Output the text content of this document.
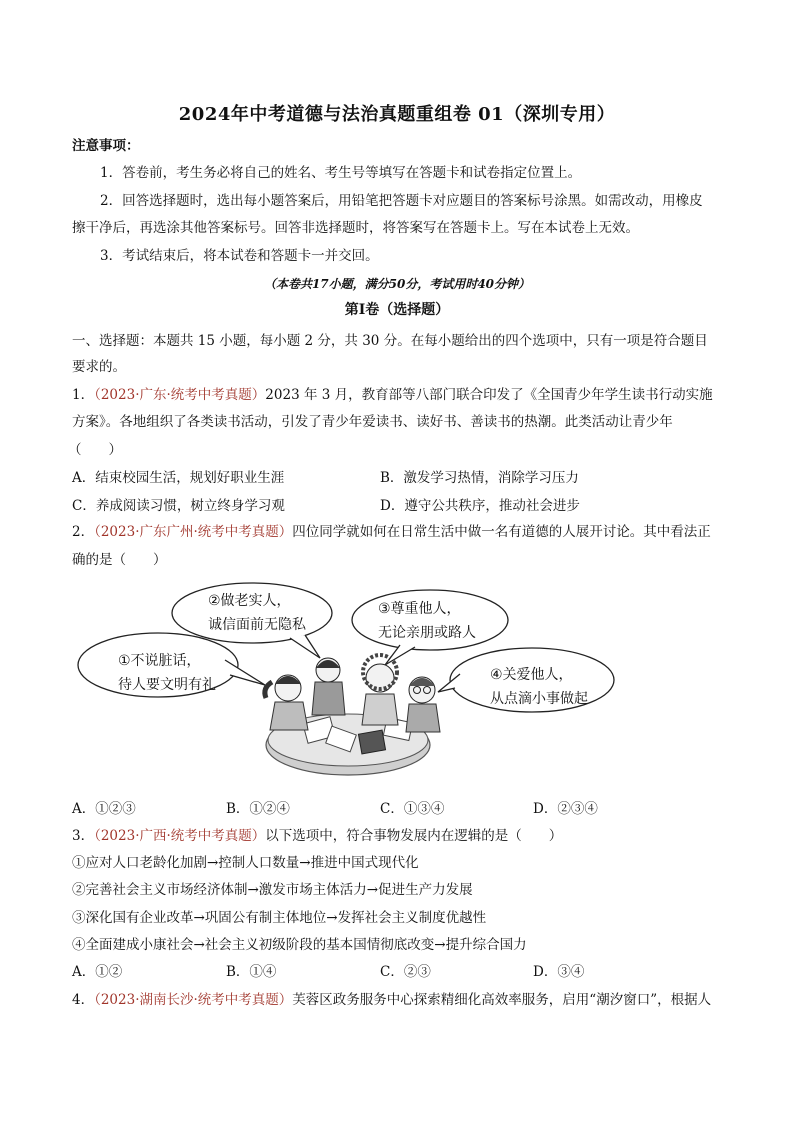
2024年中考道德与法治真题重组卷 01（深圳专用）
注意事项：
1．答卷前，考生务必将自己的姓名、考生号等填写在答题卡和试卷指定位置上。
2．回答选择题时，选出每小题答案后，用铅笔把答题卡对应题目的答案标号涂黑。如需改动，用橡皮
擦干净后，再选涂其他答案标号。回答非选择题时，将答案写在答题卡上。写在本试卷上无效。
3．考试结束后，将本试卷和答题卡一并交回。
（本卷共17小题，满分50分，考试用时40分钟）
第Ⅰ卷（选择题）
一、选择题：本题共 15 小题，每小题 2 分，共 30 分。在每小题给出的四个选项中，只有一项是符合题目
要求的。
1．（2023·广东·统考中考真题）2023 年 3 月，教育部等八部门联合印发了《全国青少年学生读书行动实施
方案》。各地组织了各类读书活动，引发了青少年爱读书、读好书、善读书的热潮。此类活动让青少年
（　　）
A．结束校园生活，规划好职业生涯	B．激发学习热情，消除学习压力
C．养成阅读习惯，树立终身学习观	D．遵守公共秩序，推动社会进步
2．（2023·广东广州·统考中考真题）四位同学就如何在日常生活中做一名有道德的人展开讨论。其中看法正
确的是（　　）
①不说脏话，
待人要文明有礼
②做老实人，
诚信面前无隐私
③尊重他人，
无论亲朋或路人
④关爱他人，
从点滴小事做起
A．①②③	B．①②④	C．①③④	D．②③④
3．（2023·广西·统考中考真题）以下选项中，符合事物发展内在逻辑的是（　　）
①应对人口老龄化加剧→控制人口数量→推进中国式现代化
②完善社会主义市场经济体制→激发市场主体活力→促进生产力发展
③深化国有企业改革→巩固公有制主体地位→发挥社会主义制度优越性
④全面建成小康社会→社会主义初级阶段的基本国情彻底改变→提升综合国力
A．①②	B．①④	C．②③	D．③④
4．（2023·湖南长沙·统考中考真题）芙蓉区政务服务中心探索精细化高效率服务，启用“潮汐窗口”，根据人
